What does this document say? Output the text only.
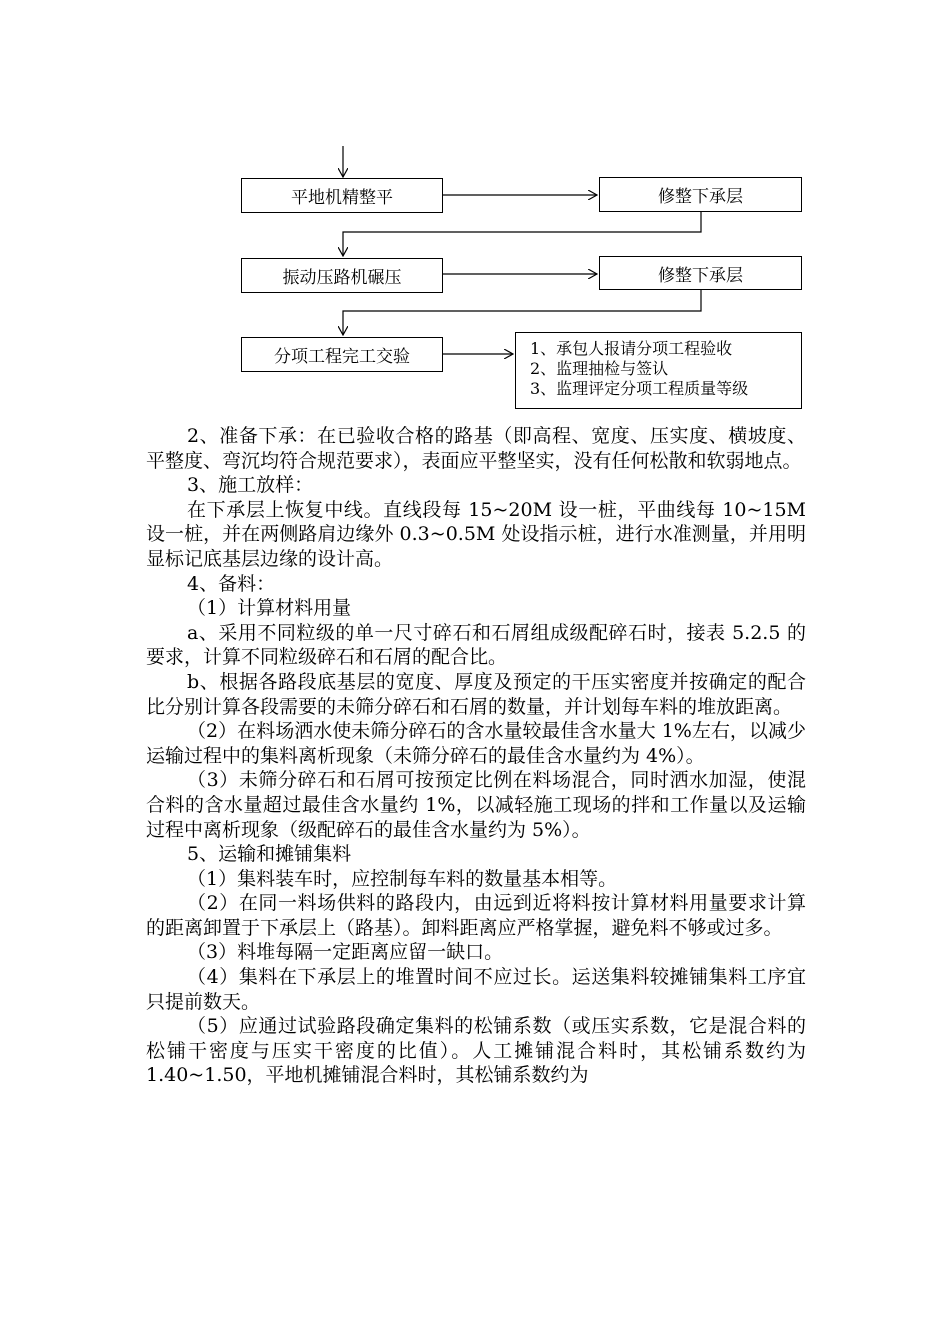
平地机精整平	修整下承层
振动压路机碾压	修整下承层
分项工程完工交验	1、承包人报请分项工程验收
2、监理抽检与签认
3、监理评定分项工程质量等级

2、准备下承：在已验收合格的路基（即高程、宽度、压实度、横坡度、平整度、弯沉均符合规范要求），表面应平整坚实，没有任何松散和软弱地点。

3、施工放样：

在下承层上恢复中线。直线段每 15~20M 设一桩，平曲线每 10~15M 设一桩，并在两侧路肩边缘外 0.3~0.5M 处设指示桩，进行水准测量，并用明显标记底基层边缘的设计高。

4、备料：

（1）计算材料用量

a、采用不同粒级的单一尺寸碎石和石屑组成级配碎石时，接表 5.2.5 的要求，计算不同粒级碎石和石屑的配合比。

b、根据各路段底基层的宽度、厚度及预定的干压实密度并按确定的配合比分别计算各段需要的未筛分碎石和石屑的数量，并计划每车料的堆放距离。

（2）在料场洒水使未筛分碎石的含水量较最佳含水量大 1%左右，以减少运输过程中的集料离析现象（未筛分碎石的最佳含水量约为 4%）。

（3）未筛分碎石和石屑可按预定比例在料场混合，同时洒水加湿，使混合料的含水量超过最佳含水量约 1%，以减轻施工现场的拌和工作量以及运输过程中离析现象（级配碎石的最佳含水量约为 5%）。

5、运输和摊铺集料

（1）集料装车时，应控制每车料的数量基本相等。

（2）在同一料场供料的路段内，由远到近将料按计算材料用量要求计算的距离卸置于下承层上（路基）。卸料距离应严格掌握，避免料不够或过多。

（3）料堆每隔一定距离应留一缺口。

（4）集料在下承层上的堆置时间不应过长。运送集料较摊铺集料工序宜只提前数天。

（5）应通过试验路段确定集料的松铺系数（或压实系数，它是混合料的松铺干密度与压实干密度的比值）。人工摊铺混合料时，其松铺系数约为 1.40~1.50，平地机摊铺混合料时，其松铺系数约为
